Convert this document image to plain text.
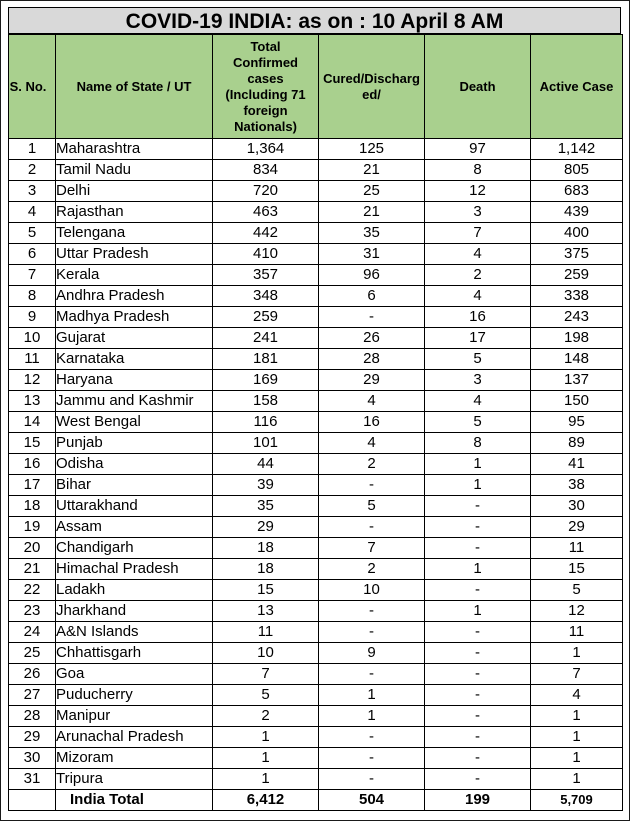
COVID-19 INDIA: as on : 10 April 8 AM
S. No.	Name of State / UT	Total Confirmed cases (Including 71 foreign Nationals)	Cured/Discharged/	Death	Active Case
1	Maharashtra	1,364	125	97	1,142
2	Tamil Nadu	834	21	8	805
3	Delhi	720	25	12	683
4	Rajasthan	463	21	3	439
5	Telengana	442	35	7	400
6	Uttar Pradesh	410	31	4	375
7	Kerala	357	96	2	259
8	Andhra Pradesh	348	6	4	338
9	Madhya Pradesh	259	-	16	243
10	Gujarat	241	26	17	198
11	Karnataka	181	28	5	148
12	Haryana	169	29	3	137
13	Jammu and Kashmir	158	4	4	150
14	West Bengal	116	16	5	95
15	Punjab	101	4	8	89
16	Odisha	44	2	1	41
17	Bihar	39	-	1	38
18	Uttarakhand	35	5	-	30
19	Assam	29	-	-	29
20	Chandigarh	18	7	-	11
21	Himachal Pradesh	18	2	1	15
22	Ladakh	15	10	-	5
23	Jharkhand	13	-	1	12
24	A&N Islands	11	-	-	11
25	Chhattisgarh	10	9	-	1
26	Goa	7	-	-	7
27	Puducherry	5	1	-	4
28	Manipur	2	1	-	1
29	Arunachal Pradesh	1	-	-	1
30	Mizoram	1	-	-	1
31	Tripura	1	-	-	1
	India Total	6,412	504	199	5,709
